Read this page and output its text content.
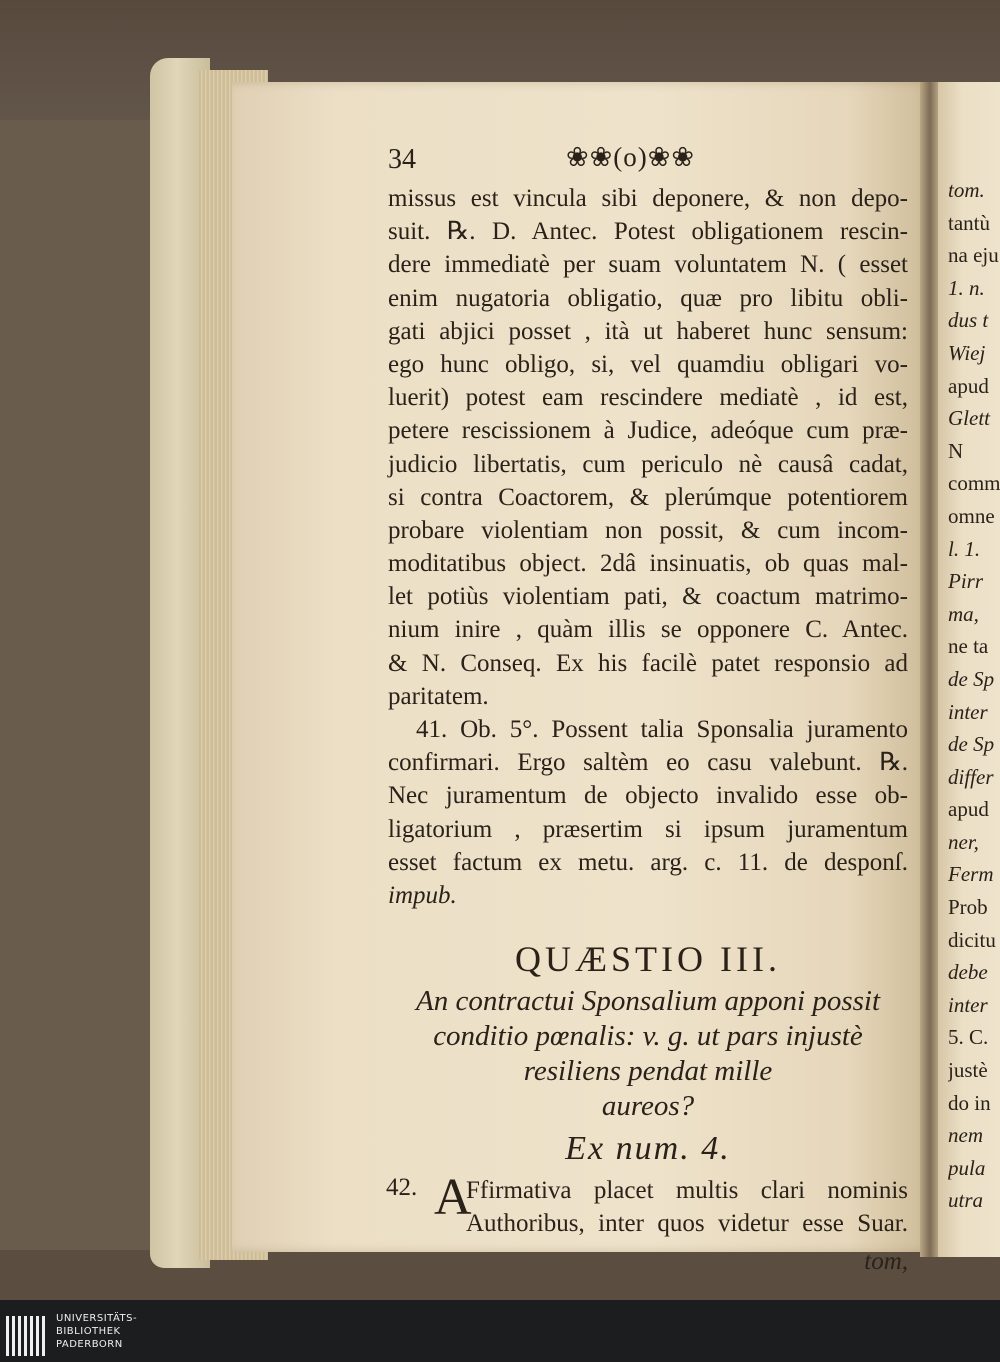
34	❀❀(o)❀❀
missus est vincula sibi deponere, & non depo-
suit. ℞. D. Antec. Potest obligationem rescin-
dere immediatè per suam voluntatem N. ( esset
enim nugatoria obligatio, quæ pro libitu obli-
gati abjici posset , ità ut haberet hunc sensum:
ego hunc obligo, si, vel quamdiu obligari vo-
luerit) potest eam rescindere mediatè , id est,
petere rescissionem à Judice, adeóque cum præ-
judicio libertatis, cum periculo nè causâ cadat,
si contra Coactorem, & plerúmque potentiorem
probare violentiam non possit, & cum incom-
moditatibus object. 2dâ insinuatis, ob quas mal-
let potiùs violentiam pati, & coactum matrimo-
nium inire , quàm illis se opponere C. Antec.
& N. Conseq. Ex his facilè patet responsio ad
paritatem.
41. Ob. 5°. Possent talia Sponsalia juramento
confirmari. Ergo saltèm eo casu valebunt. ℞.
Nec juramentum de objecto invalido esse ob-
ligatorium , præsertim si ipsum juramentum
esset factum ex metu. arg. c. 11. de desponſ.
impub.
QUÆSTIO III.
An contractui Sponsalium apponi possit
conditio pœnalis: v. g. ut pars injustè
resiliens pendat mille
aureos?
Ex num. 4.
42. A
Ffirmativa placet multis clari nominis
Authoribus, inter quos videtur esse Suar.
tom,
tom.
tantù
na eju
1. n.
dus t
Wiej
apud
Glett
N
comm
omne
l. 1.
Pirr
ma,
ne ta
de Sp
inter
de Sp
differ
apud
ner,
Ferm
Prob
dicitu
debe
inter
5. C.
justè
do in
nem
pula
utra
UNIVERSITÄTS-
BIBLIOTHEK
PADERBORN
